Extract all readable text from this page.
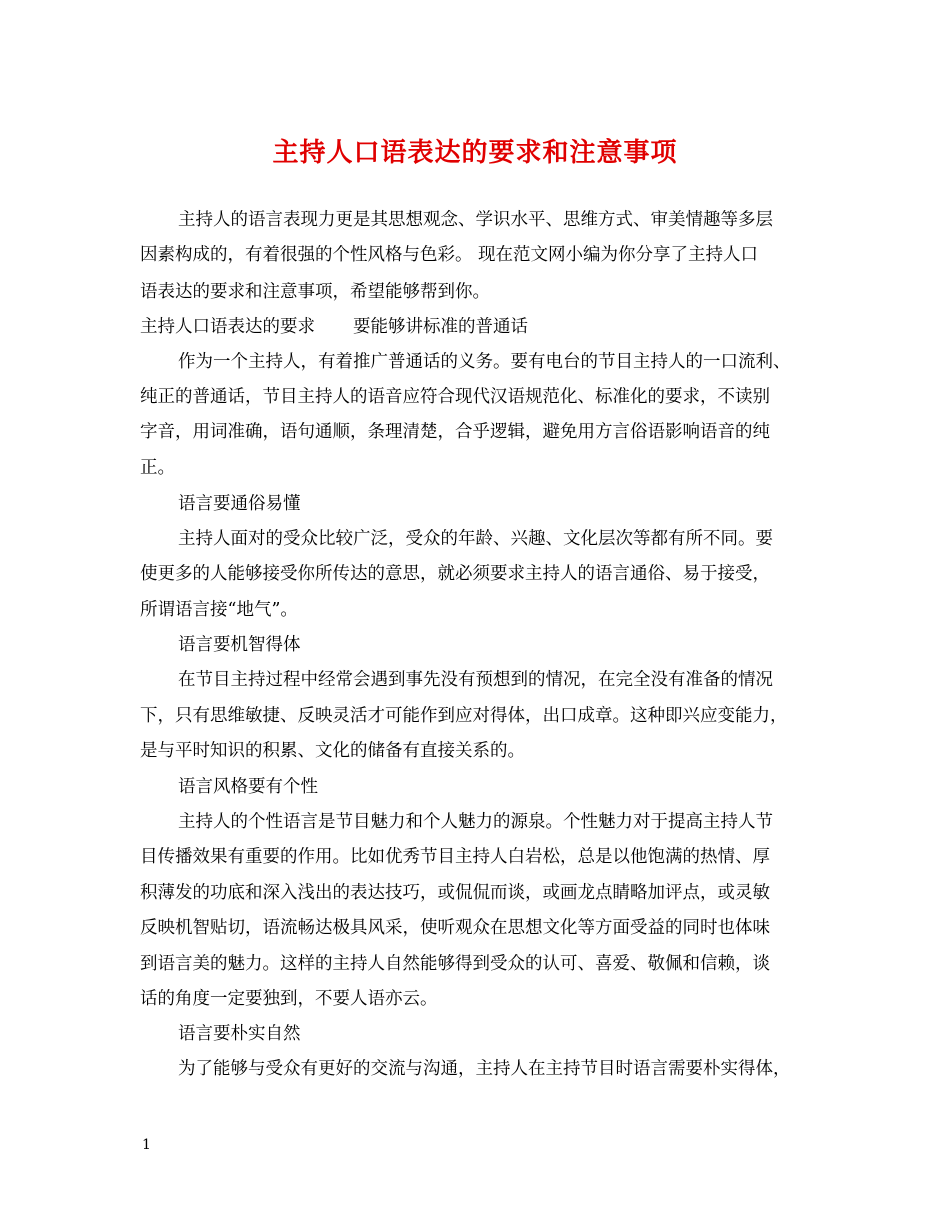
主持人口语表达的要求和注意事项
主持人的语言表现力更是其思想观念、学识水平、思维方式、审美情趣等多层
因素构成的，有着很强的个性风格与色彩。 现在范文网小编为你分享了主持人口
语表达的要求和注意事项，希望能够帮到你。
主持人口语表达的要求 要能够讲标准的普通话
作为一个主持人，有着推广普通话的义务。要有电台的节目主持人的一口流利、
纯正的普通话，节目主持人的语音应符合现代汉语规范化、标准化的要求，不读别
字音，用词准确，语句通顺，条理清楚，合乎逻辑，避免用方言俗语影响语音的纯
正。
语言要通俗易懂
主持人面对的受众比较广泛，受众的年龄、兴趣、文化层次等都有所不同。要
使更多的人能够接受你所传达的意思，就必须要求主持人的语言通俗、易于接受，
所谓语言接“地气”。
语言要机智得体
在节目主持过程中经常会遇到事先没有预想到的情况，在完全没有准备的情况
下，只有思维敏捷、反映灵活才可能作到应对得体，出口成章。这种即兴应变能力，
是与平时知识的积累、文化的储备有直接关系的。
语言风格要有个性
主持人的个性语言是节目魅力和个人魅力的源泉。个性魅力对于提高主持人节
目传播效果有重要的作用。比如优秀节目主持人白岩松，总是以他饱满的热情、厚
积薄发的功底和深入浅出的表达技巧，或侃侃而谈，或画龙点睛略加评点，或灵敏
反映机智贴切，语流畅达极具风采，使听观众在思想文化等方面受益的同时也体味
到语言美的魅力。这样的主持人自然能够得到受众的认可、喜爱、敬佩和信赖，谈
话的角度一定要独到，不要人语亦云。
语言要朴实自然
为了能够与受众有更好的交流与沟通，主持人在主持节目时语言需要朴实得体，
1
